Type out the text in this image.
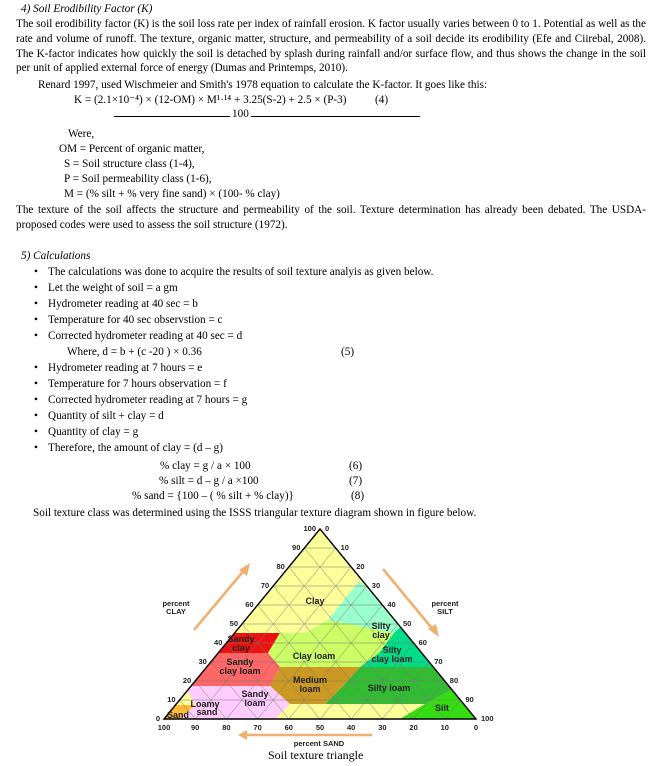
4) Soil Erodibility Factor (K)
The soil erodibility factor (K) is the soil loss rate per index of rainfall erosion. K factor usually varies between 0 to 1. Potential as well as the rate and volume of runoff. The texture, organic matter, structure, and permeability of a soil decide its erodibility (Efe and Ciirebal, 2008). The K-factor indicates how quickly the soil is detached by splash during rainfall and/or surface flow, and thus shows the change in the soil per unit of applied external force of energy (Dumas and Printemps, 2010).
Renard 1997, used Wischmeier and Smith's 1978 equation to calculate the K-factor. It goes like this:
K = (2.1×10⁻⁴) × (12-OM) × M¹·¹⁴ + 3.25(S-2) + 2.5 × (P-3)	(4)
100
Were,
OM = Percent of organic matter,
S = Soil structure class (1-4),
P = Soil permeability class (1-6),
M = (% silt + % very fine sand) × (100- % clay)
The texture of the soil affects the structure and permeability of the soil. Texture determination has already been debated. The USDA-proposed codes were used to assess the soil structure (1972).
5) Calculations
• The calculations was done to acquire the results of soil texture analyis as given below.
• Let the weight of soil = a gm
• Hydrometer reading at 40 sec = b
• Temperature for 40 sec observstion = c
• Corrected hydrometer reading at 40 sec = d
Where, d = b + (c -20 ) × 0.36	(5)
• Hydrometer reading at 7 hours = e
• Temperature for 7 hours observation = f
• Corrected hydrometer reading at 7 hours = g
• Quantity of silt + clay = d
• Quantity of clay = g
• Therefore, the amount of clay = (d – g)
% clay = g / a × 100	(6)
% silt = d – g / a ×100	(7)
% sand = {100 – ( % silt + % clay)}	(8)
Soil texture class was determined using the ISSS triangular texture diagram shown in figure below.
Clay
Silty
clay
Sandy
clay
Clay loam
Silty
clay loam
Sandy
clay loam
Medium
loam	Silty loam
Sandy
loam
Loamy
sand
Sand
Silt
percent
CLAY
percent
SILT
percent SAND
100
90
80
70
60
50
40
30
20
10
0
0
10
20
30
40
50
60
70
80
90
100
100	90	80	70	60	50	40	30	20	10	0
Soil texture triangle
